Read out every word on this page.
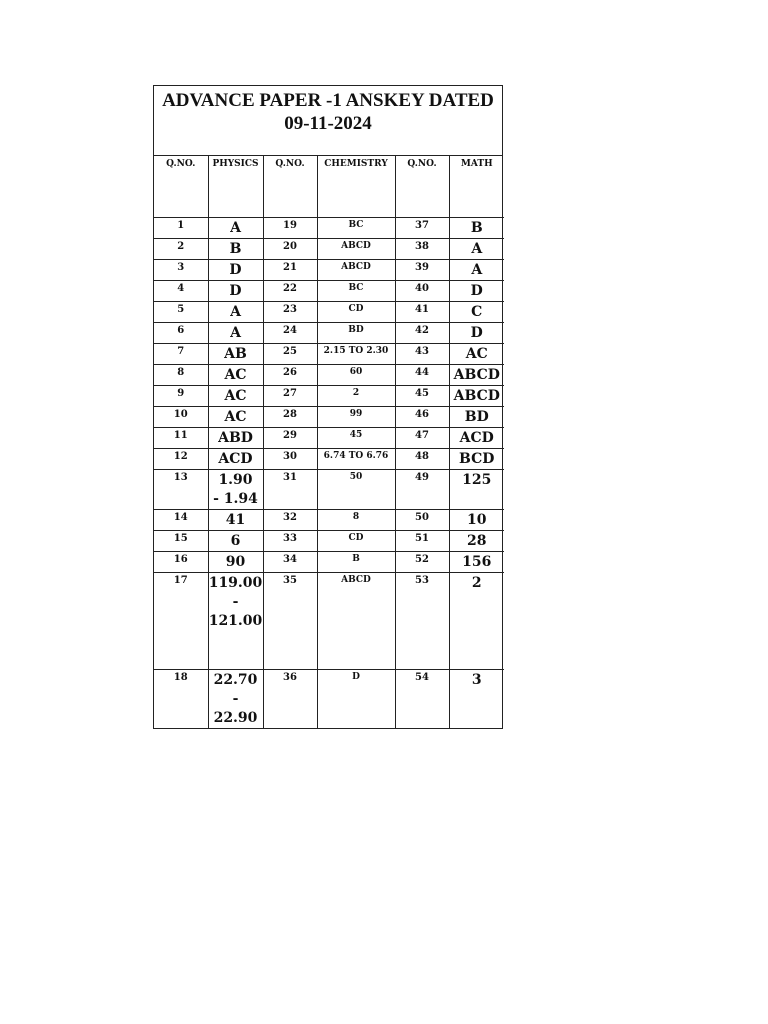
ADVANCE PAPER -1 ANSKEY DATED
09-11-2024
Q.NO.	PHYSICS	Q.NO.	CHEMISTRY	Q.NO.	MATH
1	A	19	BC	37	B
2	B	20	ABCD	38	A
3	D	21	ABCD	39	A
4	D	22	BC	40	D
5	A	23	CD	41	C
6	A	24	BD	42	D
7	AB	25	2.15 TO 2.30	43	AC
8	AC	26	60	44	ABCD
9	AC	27	2	45	ABCD
10	AC	28	99	46	BD
11	ABD	29	45	47	ACD
12	ACD	30	6.74 TO 6.76	48	BCD
13	1.90
- 1.94	31	50	49	125
14	41	32	8	50	10
15	6	33	CD	51	28
16	90	34	B	52	156
17	119.00
-
121.00	35	ABCD	53	2
18	22.70
- 22.90	36	D	54	3
